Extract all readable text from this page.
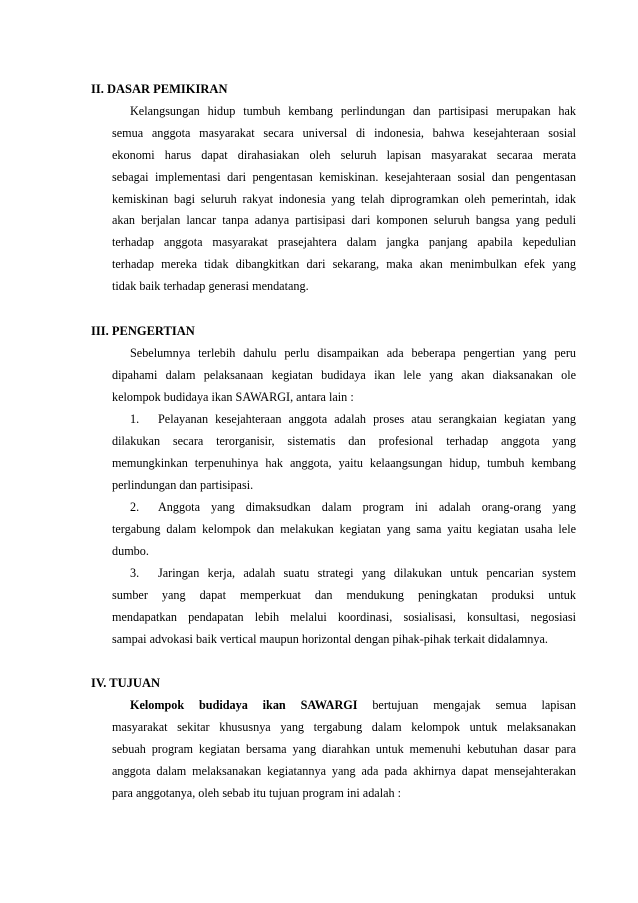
II. DASAR PEMIKIRAN
Kelangsungan hidup tumbuh kembang perlindungan dan partisipasi merupakan hak
semua anggota masyarakat secara universal di indonesia, bahwa kesejahteraan sosial
ekonomi harus dapat dirahasiakan oleh seluruh lapisan masyarakat secaraa merata
sebagai implementasi dari pengentasan kemiskinan. kesejahteraan sosial dan pengentasan
kemiskinan bagi seluruh rakyat indonesia yang telah diprogramkan oleh pemerintah, idak
akan berjalan lancar tanpa adanya partisipasi dari komponen seluruh bangsa yang peduli
terhadap anggota masyarakat prasejahtera dalam jangka panjang apabila kepedulian
terhadap mereka tidak dibangkitkan dari sekarang, maka akan menimbulkan efek yang
tidak baik terhadap generasi mendatang.
III. PENGERTIAN
Sebelumnya terlebih dahulu perlu disampaikan ada beberapa pengertian yang peru
dipahami dalam pelaksanaan kegiatan budidaya ikan lele yang akan diaksanakan ole
kelompok budidaya ikan SAWARGI, antara lain :
1. Pelayanan kesejahteraan anggota adalah proses atau serangkaian kegiatan yang
dilakukan secara terorganisir, sistematis dan profesional terhadap anggota yang
memungkinkan terpenuhinya hak anggota, yaitu kelaangsungan hidup, tumbuh kembang
perlindungan dan partisipasi.
2. Anggota yang dimaksudkan dalam program ini adalah orang-orang yang
tergabung dalam kelompok dan melakukan kegiatan yang sama yaitu kegiatan usaha lele
dumbo.
3. Jaringan kerja, adalah suatu strategi yang dilakukan untuk pencarian system
sumber yang dapat memperkuat dan mendukung peningkatan produksi untuk
mendapatkan pendapatan lebih melalui koordinasi, sosialisasi, konsultasi, negosiasi
sampai advokasi baik vertical maupun horizontal dengan pihak-pihak terkait didalamnya.
IV. TUJUAN
Kelompok budidaya ikan SAWARGI bertujuan mengajak semua lapisan
masyarakat sekitar khususnya yang tergabung dalam kelompok untuk melaksanakan
sebuah program kegiatan bersama yang diarahkan untuk memenuhi kebutuhan dasar para
anggota dalam melaksanakan kegiatannya yang ada pada akhirnya dapat mensejahterakan
para anggotanya, oleh sebab itu tujuan program ini adalah :
